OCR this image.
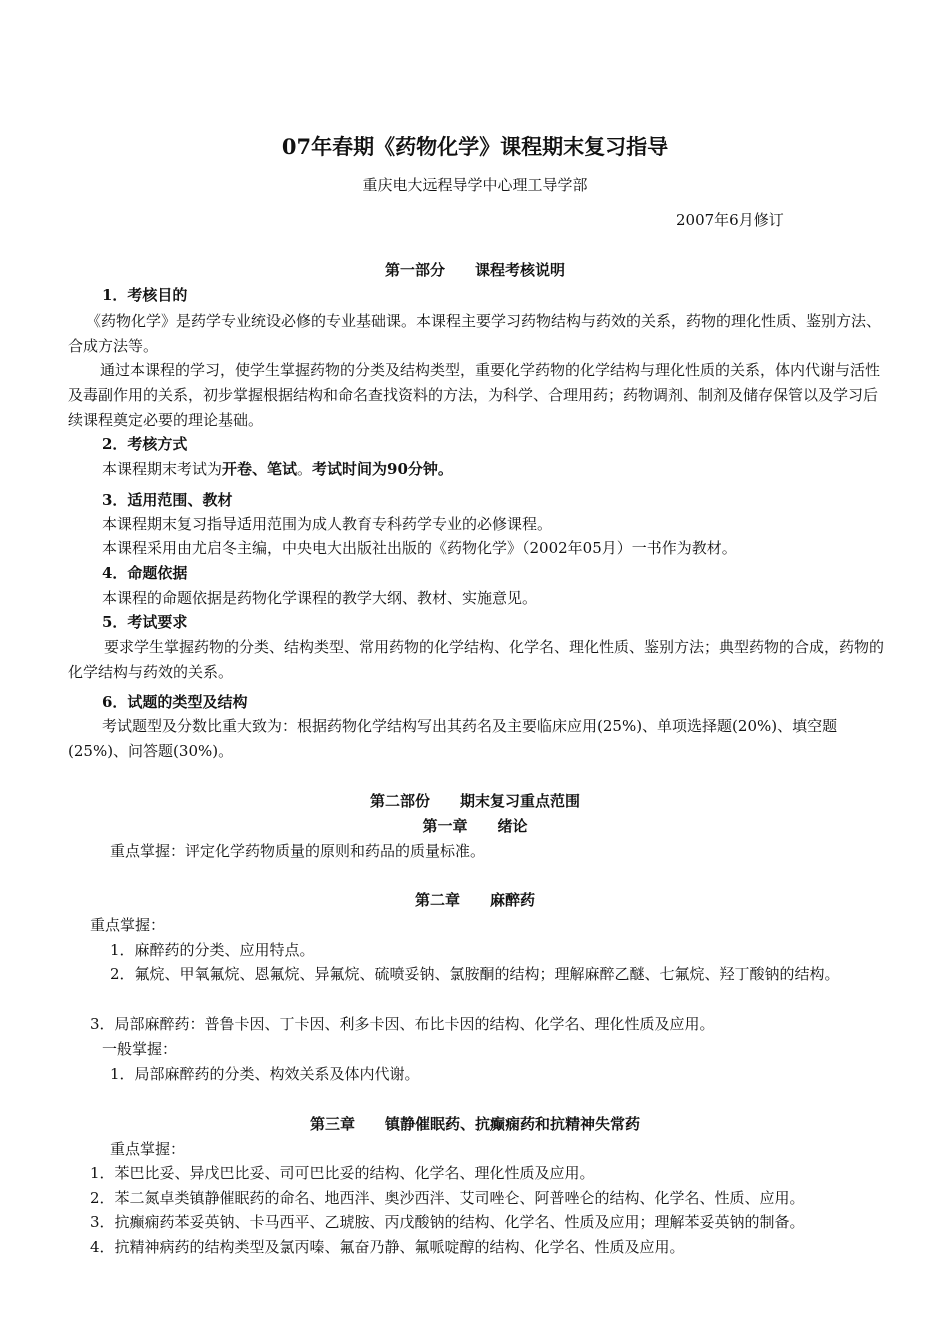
07年春期《药物化学》课程期末复习指导
重庆电大远程导学中心理工导学部
2007年6月修订
第一部分　　课程考核说明
1．考核目的
《药物化学》是药学专业统设必修的专业基础课。本课程主要学习药物结构与药效的关系，药物的理化性质、鉴别方法、合成方法等。
通过本课程的学习，使学生掌握药物的分类及结构类型，重要化学药物的化学结构与理化性质的关系，体内代谢与活性及毒副作用的关系，初步掌握根据结构和命名查找资料的方法，为科学、合理用药；药物调剂、制剂及储存保管以及学习后续课程奠定必要的理论基础。
2．考核方式
本课程期末考试为开卷、笔试。考试时间为90分钟。
3．适用范围、教材
本课程期末复习指导适用范围为成人教育专科药学专业的必修课程。
本课程采用由尤启冬主编，中央电大出版社出版的《药物化学》（2002年05月）一书作为教材。
4．命题依据
本课程的命题依据是药物化学课程的教学大纲、教材、实施意见。
5．考试要求
要求学生掌握药物的分类、结构类型、常用药物的化学结构、化学名、理化性质、鉴别方法；典型药物的合成，药物的化学结构与药效的关系。
6．试题的类型及结构
考试题型及分数比重大致为：根据药物化学结构写出其药名及主要临床应用(25%)、单项选择题(20%)、填空题(25%)、问答题(30%)。
第二部份　　期末复习重点范围
第一章　　绪论
重点掌握：评定化学药物质量的原则和药品的质量标准。
第二章　　麻醉药
重点掌握：
1．麻醉药的分类、应用特点。
2．氟烷、甲氧氟烷、恩氟烷、异氟烷、硫喷妥钠、氯胺酮的结构；理解麻醉乙醚、七氟烷、羟丁酸钠的结构。
3．局部麻醉药：普鲁卡因、丁卡因、利多卡因、布比卡因的结构、化学名、理化性质及应用。
一般掌握：
1．局部麻醉药的分类、构效关系及体内代谢。
第三章　　镇静催眠药、抗癫痫药和抗精神失常药
重点掌握：
1．苯巴比妥、异戊巴比妥、司可巴比妥的结构、化学名、理化性质及应用。
2．苯二氮卓类镇静催眠药的命名、地西泮、奥沙西泮、艾司唑仑、阿普唑仑的结构、化学名、性质、应用。
3．抗癫痫药苯妥英钠、卡马西平、乙琥胺、丙戊酸钠的结构、化学名、性质及应用；理解苯妥英钠的制备。
4．抗精神病药的结构类型及氯丙嗪、氟奋乃静、氟哌啶醇的结构、化学名、性质及应用。
